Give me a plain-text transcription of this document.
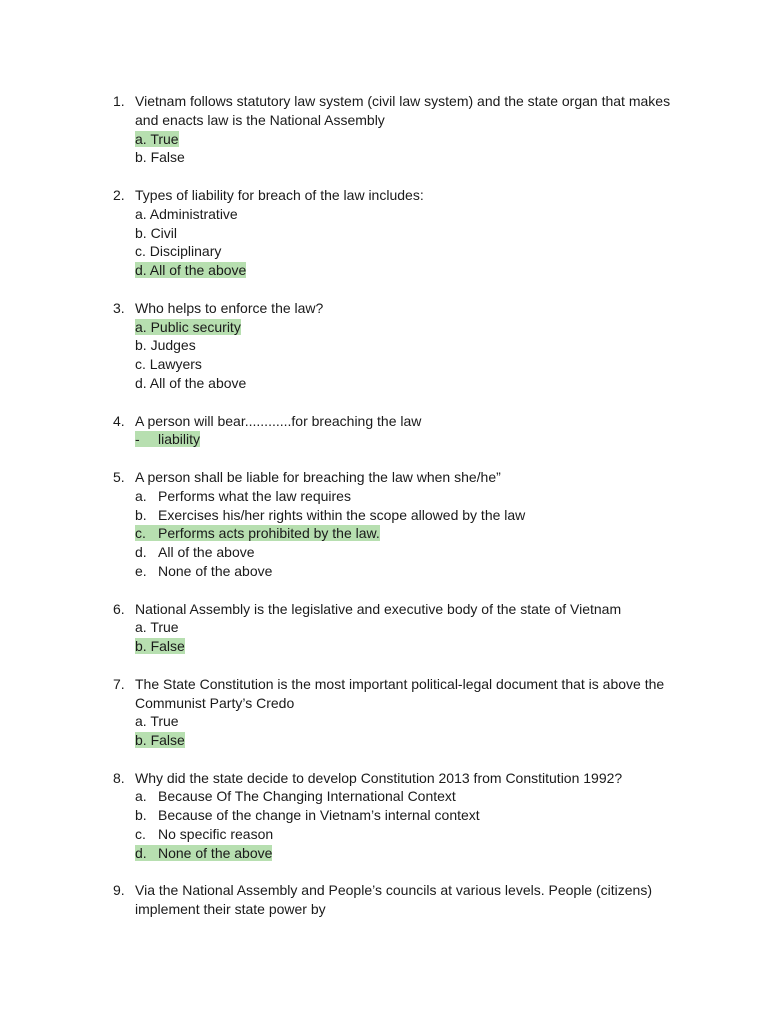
1. Vietnam follows statutory law system (civil law system) and the state organ that makes and enacts law is the National Assembly
a. True
b. False
2. Types of liability for breach of the law includes:
a. Administrative
b. Civil
c. Disciplinary
d. All of the above
3. Who helps to enforce the law?
a. Public security
b. Judges
c. Lawyers
d. All of the above
4. A person will bear............for breaching the law
- liability
5. A person shall be liable for breaching the law when she/he”
a. Performs what the law requires
b. Exercises his/her rights within the scope allowed by the law
c. Performs acts prohibited by the law.
d. All of the above
e. None of the above
6. National Assembly is the legislative and executive body of the state of Vietnam
a. True
b. False
7. The State Constitution is the most important political-legal document that is above the Communist Party’s Credo
a. True
b. False
8. Why did the state decide to develop Constitution 2013 from Constitution 1992?
a. Because Of The Changing International Context
b. Because of the change in Vietnam’s internal context
c. No specific reason
d. None of the above
9. Via the National Assembly and People’s councils at various levels. People (citizens) implement their state power by
